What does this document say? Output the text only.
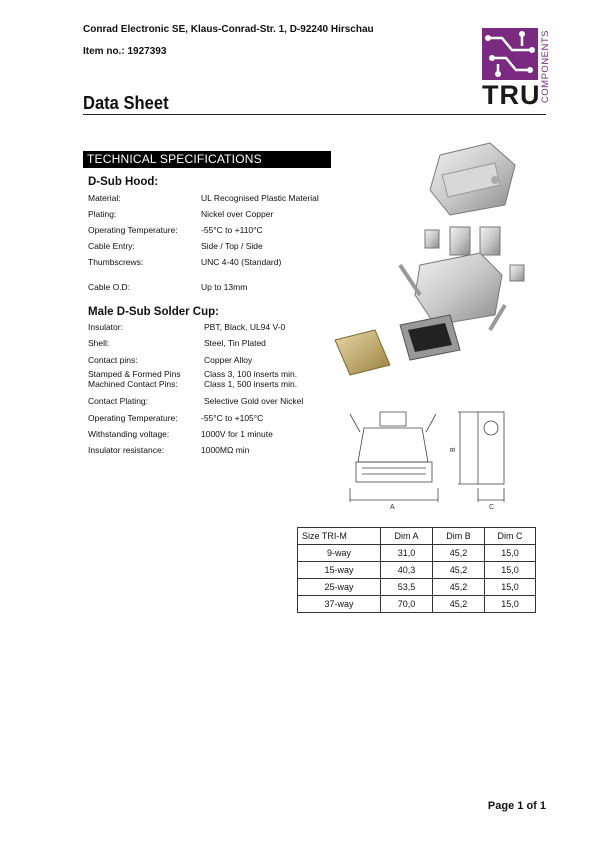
Conrad Electronic SE, Klaus-Conrad-Str. 1, D-92240 Hirschau
Item no.: 1927393
Data Sheet	TRU COMPONENTS
TECHNICAL SPECIFICATIONS
D-Sub Hood:
Material:	UL Recognised Plastic Material
Plating:	Nickel over Copper
Operating Temperature:	-55°C to +110°C
Cable Entry:	Side / Top / Side
Thumbscrews:	UNC 4-40 (Standard)
Cable O.D:	Up to 13mm
Male D-Sub Solder Cup:
Insulator:	PBT, Black, UL94 V-0
Shell:	Steel, Tin Plated
Contact pins:	Copper Alloy
Stamped & Formed Pins	Class 3, 100 inserts min.
Machined Contact Pins:	Class 1, 500 inserts min.
Contact Plating:	Selective Gold over Nickel
Operating Temperature:	-55°C to +105°C
Withstanding voltage:	1000V for 1 minute
Insulator resistance:	1000MΩ min
A
B
C
Size TRI-M	Dim A	Dim B	Dim C
9-way	31,0	45,2	15,0
15-way	40,3	45,2	15,0
25-way	53,5	45,2	15,0
37-way	70,0	45,2	15,0
Page 1 of 1
